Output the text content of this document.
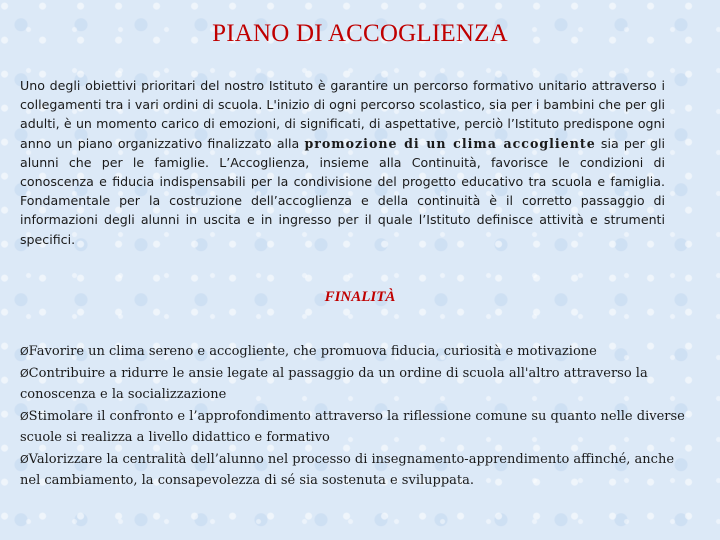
PIANO DI ACCOGLIENZA

Uno degli obiettivi prioritari del nostro Istituto è garantire un percorso formativo unitario attraverso i collegamenti tra i vari ordini di scuola. L'inizio di ogni percorso scolastico, sia per i bambini che per gli adulti, è un momento carico di emozioni, di significati, di aspettative, perciò l’Istituto predispone ogni anno un piano organizzativo finalizzato alla promozione di un clima accogliente sia per gli alunni che per le famiglie. L’Accoglienza, insieme alla Continuità, favorisce le condizioni di conoscenza e fiducia indispensabili per la condivisione del progetto educativo tra scuola e famiglia. Fondamentale per la costruzione dell’accoglienza e della continuità è il corretto passaggio di informazioni degli alunni in uscita e in ingresso per il quale l’Istituto definisce attività e strumenti specifici.

FINALITÀ
ØFavorire un clima sereno e accogliente, che promuova fiducia, curiosità e motivazione
ØContribuire a ridurre le ansie legate al passaggio da un ordine di scuola all'altro attraverso la conoscenza e la socializzazione
ØStimolare il confronto e l’approfondimento attraverso la riflessione comune su quanto nelle diverse scuole si realizza a livello didattico e formativo
ØValorizzare la centralità dell’alunno nel processo di insegnamento-apprendimento affinché, anche nel cambiamento, la consapevolezza di sé sia sostenuta e sviluppata.
